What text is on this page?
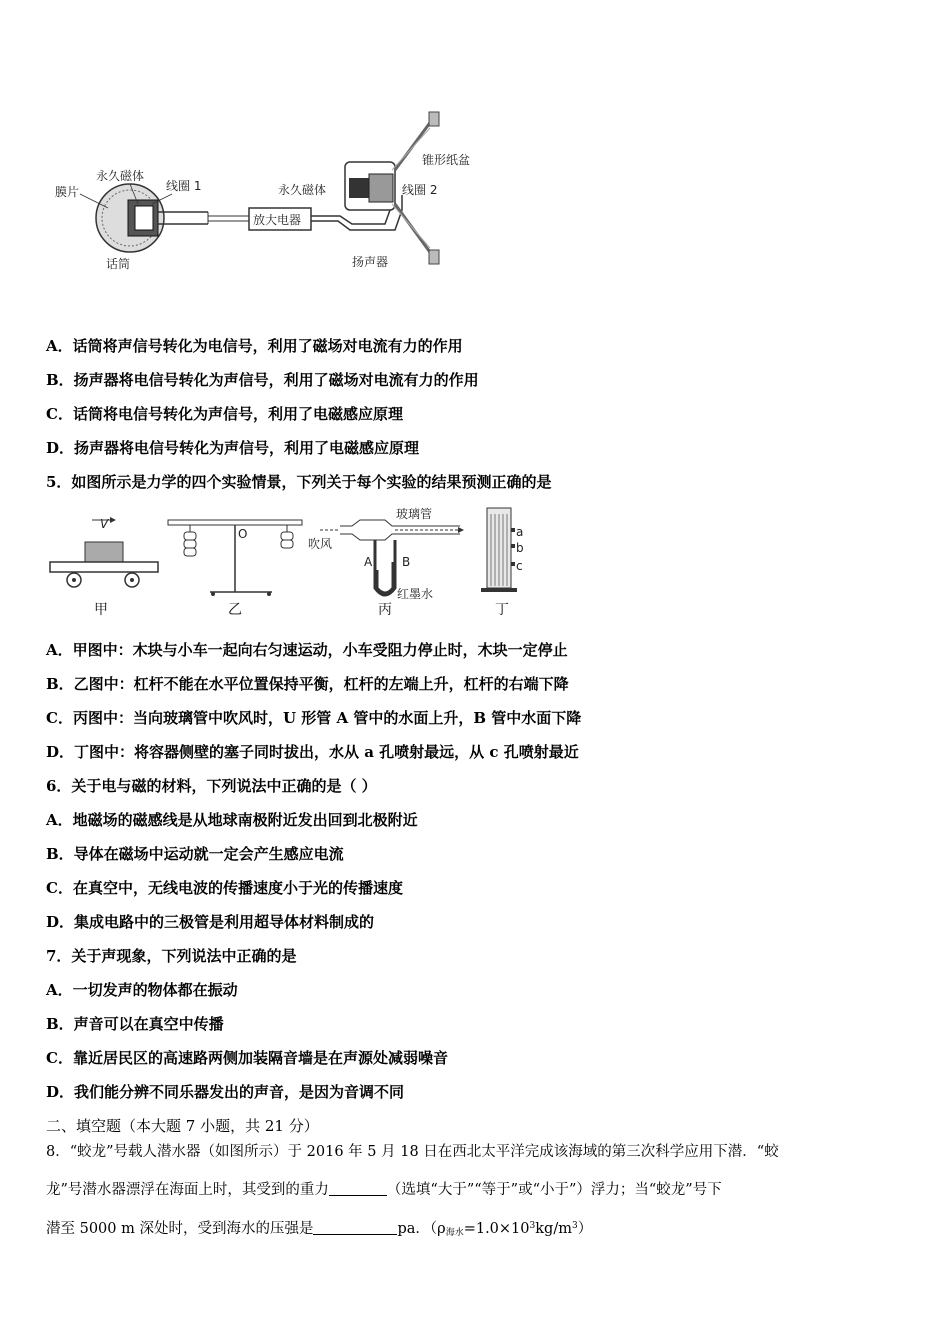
膜片
永久磁体
线圈 1
话筒
放大电器
永久磁体	线圈 2
锥形纸盆
扬声器
A．话筒将声信号转化为电信号，利用了磁场对电流有力的作用
B．扬声器将电信号转化为声信号，利用了磁场对电流有力的作用
C．话筒将电信号转化为声信号，利用了电磁感应原理
D．扬声器将电信号转化为声信号，利用了电磁感应原理
5．如图所示是力学的四个实验情景，下列关于每个实验的结果预测正确的是
V
甲
O
乙
玻璃管
吹风
A B
红墨水
丙
a
b
c
丁
A．甲图中：木块与小车一起向右匀速运动，小车受阻力停止时，木块一定停止
B．乙图中：杠杆不能在水平位置保持平衡，杠杆的左端上升，杠杆的右端下降
C．丙图中：当向玻璃管中吹风时，U 形管 A 管中的水面上升，B 管中水面下降
D．丁图中：将容器侧壁的塞子同时拔出，水从 a 孔喷射最远，从 c 孔喷射最近
6．关于电与磁的材料，下列说法中正确的是（ ）
A．地磁场的磁感线是从地球南极附近发出回到北极附近
B．导体在磁场中运动就一定会产生感应电流
C．在真空中，无线电波的传播速度小于光的传播速度
D．集成电路中的三极管是利用超导体材料制成的
7．关于声现象，下列说法中正确的是
A．一切发声的物体都在振动
B．声音可以在真空中传播
C．靠近居民区的高速路两侧加装隔音墙是在声源处减弱噪音
D．我们能分辨不同乐器发出的声音，是因为音调不同
二、填空题（本大题 7 小题，共 21 分）
8．“蛟龙”号载人潜水器（如图所示）于 2016 年 5 月 18 日在西北太平洋完成该海域的第三次科学应用下潜．“蛟
龙”号潜水器漂浮在海面上时，其受到的重力	（选填“大于”“等于”或“小于”）浮力；当“蛟龙”号下
潜至 5000 m 深处时，受到海水的压强是	pa．$(\rho_{海水}=1.0\times 10^3kg/m^3)$
